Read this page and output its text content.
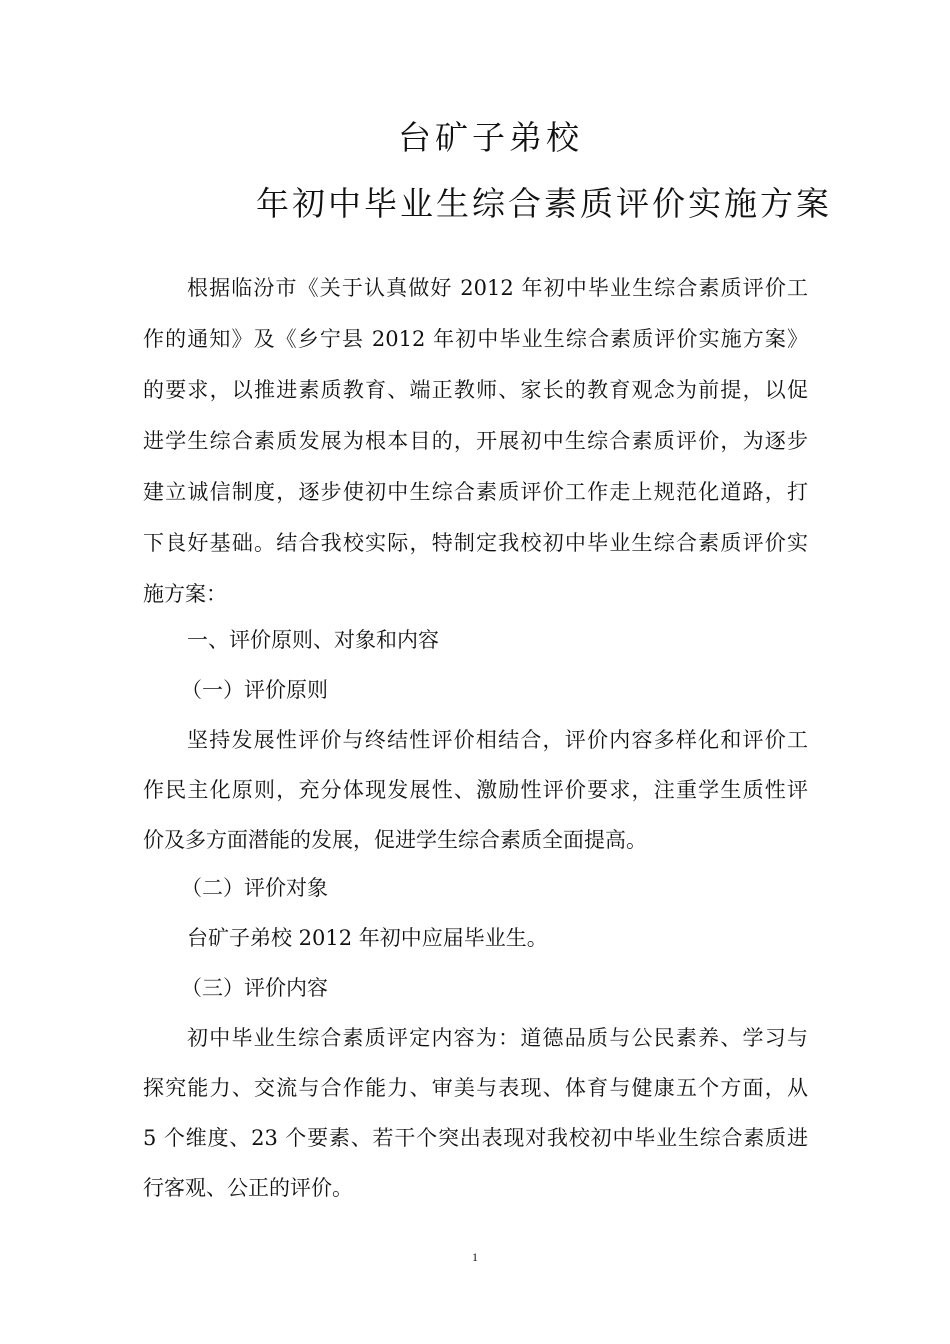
台矿子弟校
年初中毕业生综合素质评价实施方案
根据临汾市《关于认真做好 2012 年初中毕业生综合素质评价工
作的通知》及《乡宁县 2012 年初中毕业生综合素质评价实施方案》
的要求，以推进素质教育、端正教师、家长的教育观念为前提，以促
进学生综合素质发展为根本目的，开展初中生综合素质评价，为逐步
建立诚信制度，逐步使初中生综合素质评价工作走上规范化道路，打
下良好基础。结合我校实际，特制定我校初中毕业生综合素质评价实
施方案：
一、评价原则、对象和内容
（一）评价原则
坚持发展性评价与终结性评价相结合，评价内容多样化和评价工
作民主化原则，充分体现发展性、激励性评价要求，注重学生质性评
价及多方面潜能的发展，促进学生综合素质全面提高。
（二）评价对象
台矿子弟校 2012 年初中应届毕业生。
（三）评价内容
初中毕业生综合素质评定内容为：道德品质与公民素养、学习与
探究能力、交流与合作能力、审美与表现、体育与健康五个方面，从
5 个维度、23 个要素、若干个突出表现对我校初中毕业生综合素质进
行客观、公正的评价。
1
